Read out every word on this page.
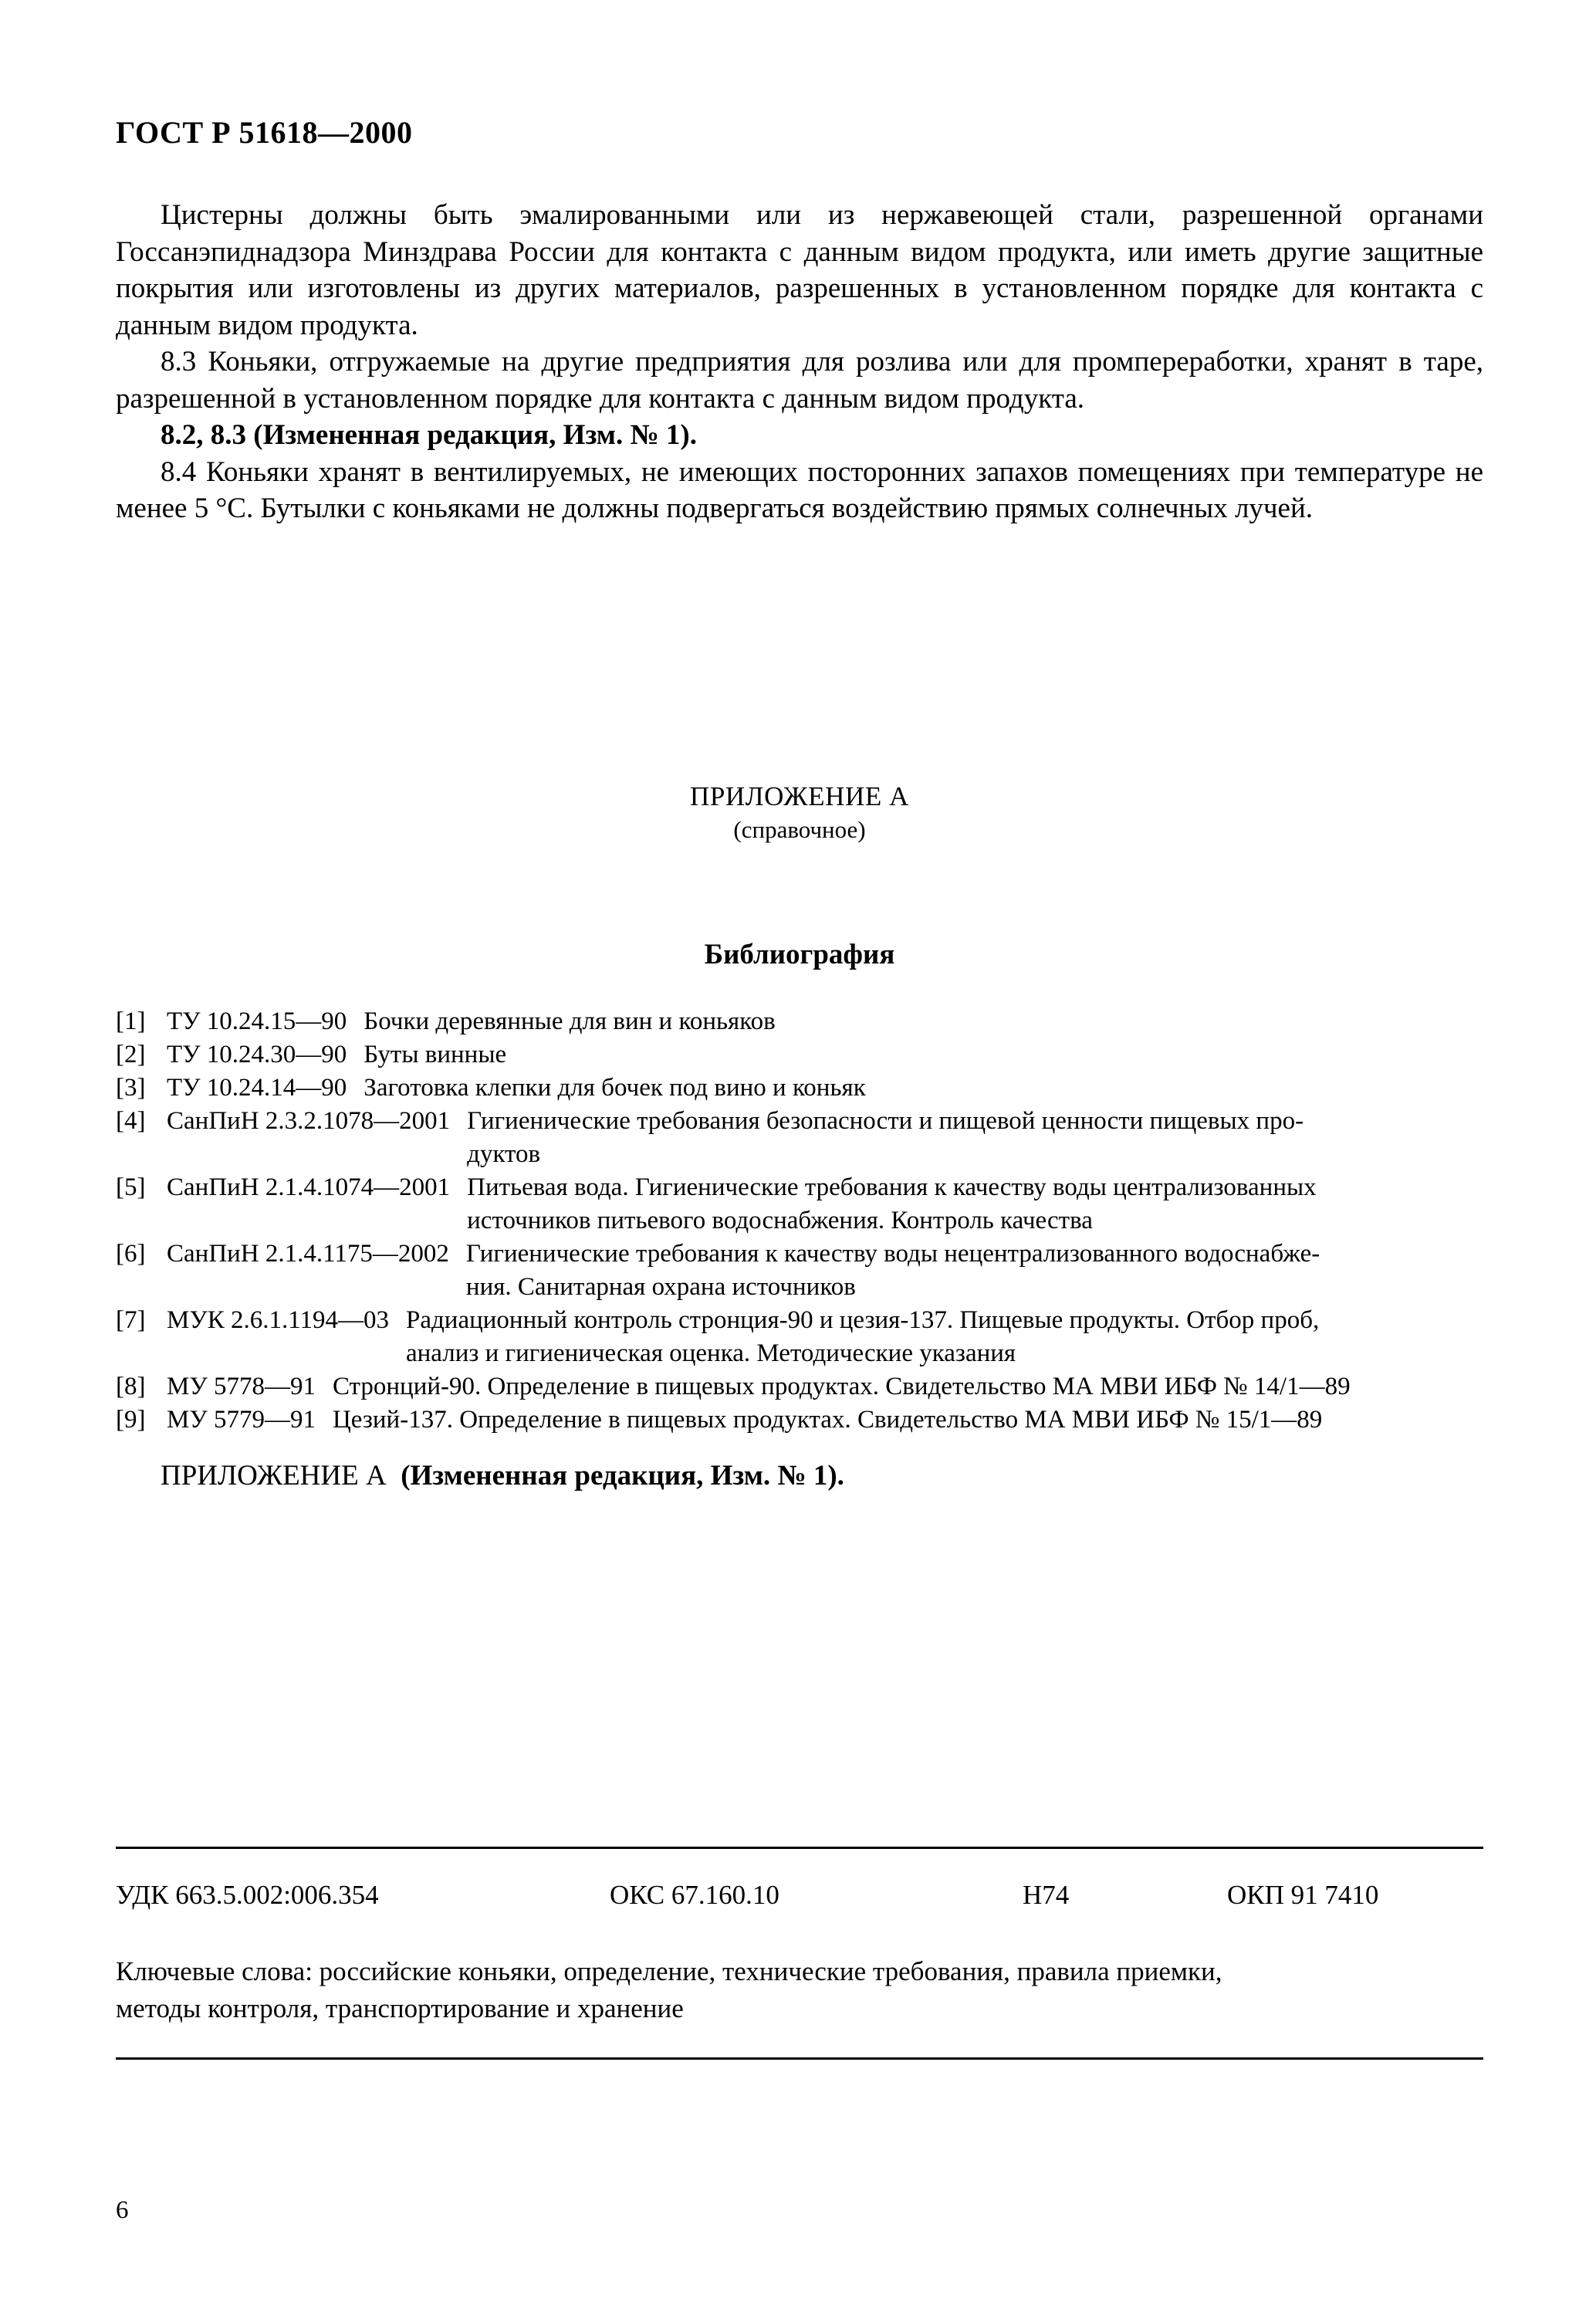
ГОСТ Р 51618—2000

Цистерны должны быть эмалированными или из нержавеющей стали, разрешенной органами Госсанэпиднадзора Минздрава России для контакта с данным видом продукта, или иметь другие защитные покрытия или изготовлены из других материалов, разрешенных в установленном порядке для контакта с данным видом продукта.

8.3 Коньяки, отгружаемые на другие предприятия для розлива или для промпереработки, хранят в таре, разрешенной в установленном порядке для контакта с данным видом продукта.

8.2, 8.3 (Измененная редакция, Изм. № 1).

8.4 Коньяки хранят в вентилируемых, не имеющих посторонних запахов помещениях при температуре не менее 5 °C. Бутылки с коньяками не должны подвергаться воздействию прямых солнечных лучей.

ПРИЛОЖЕНИЕ А
(справочное)
Библиография
[1] ТУ 10.24.15—90 Бочки деревянные для вин и коньяков
[2] ТУ 10.24.30—90 Буты винные
[3] ТУ 10.24.14—90 Заготовка клепки для бочек под вино и коньяк
[4] СанПиН 2.3.2.1078—2001 Гигиенические требования безопасности и пищевой ценности пищевых про-
дуктов
[5] СанПиН 2.1.4.1074—2001 Питьевая вода. Гигиенические требования к качеству воды централизованных
источников питьевого водоснабжения. Контроль качества
[6] СанПиН 2.1.4.1175—2002 Гигиенические требования к качеству воды нецентрализованного водоснабже-
ния. Санитарная охрана источников
[7] МУК 2.6.1.1194—03 Радиационный контроль стронция-90 и цезия-137. Пищевые продукты. Отбор проб,
анализ и гигиеническая оценка. Методические указания
[8] МУ 5778—91 Стронций-90. Определение в пищевых продуктах. Свидетельство МА МВИ ИБФ № 14/1—89
[9] МУ 5779—91 Цезий-137. Определение в пищевых продуктах. Свидетельство МА МВИ ИБФ № 15/1—89
ПРИЛОЖЕНИЕ А (Измененная редакция, Изм. № 1).
УДК 663.5.002:006.354	ОКС 67.160.10	Н74	ОКП 91 7410
Ключевые слова: российские коньяки, определение, технические требования, правила приемки,
методы контроля, транспортирование и хранение
6
